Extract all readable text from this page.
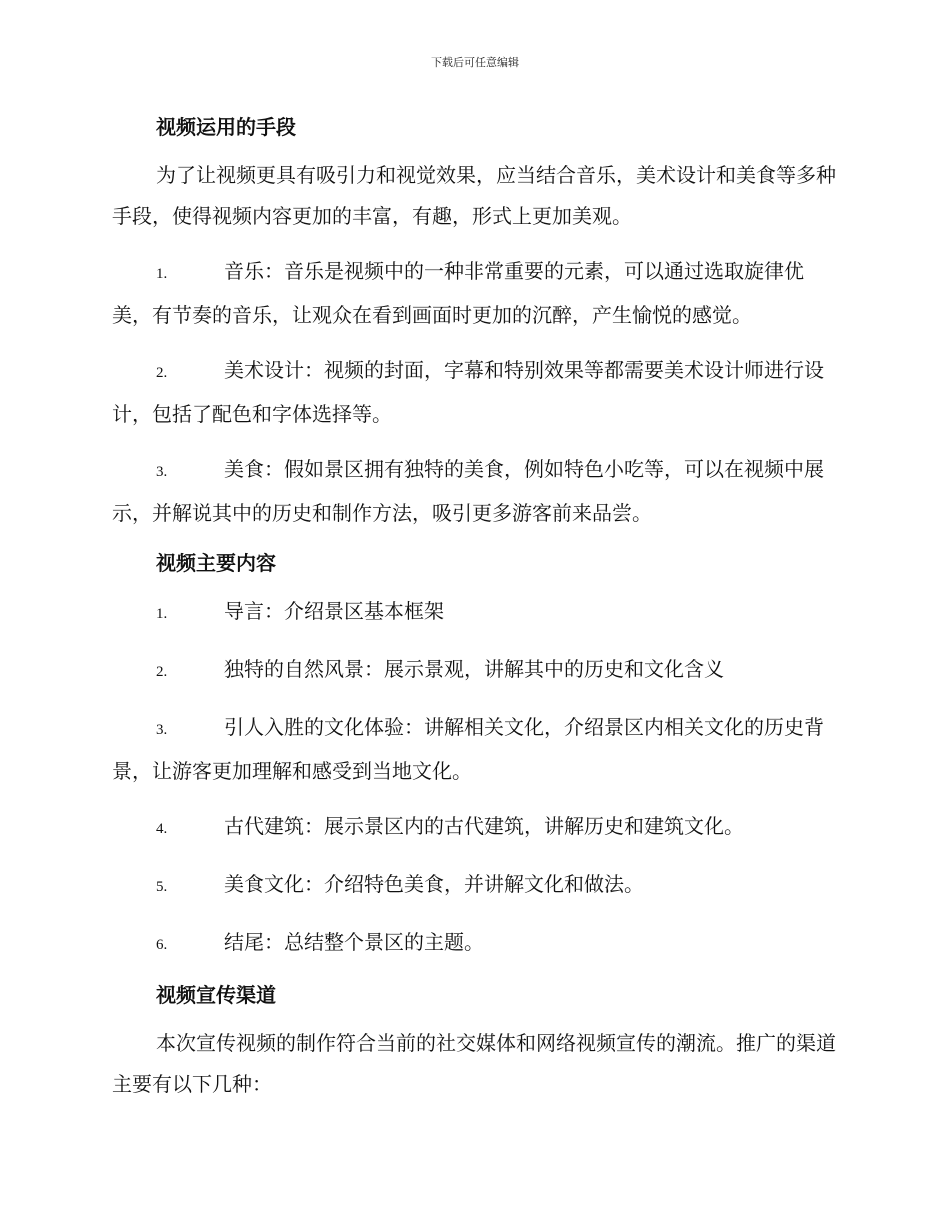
下载后可任意编辑
视频运用的手段

为了让视频更具有吸引力和视觉效果，应当结合音乐，美术设计和美食等多种手段，使得视频内容更加的丰富，有趣，形式上更加美观。

1.	音乐：音乐是视频中的一种非常重要的元素，可以通过选取旋律优美，有节奏的音乐，让观众在看到画面时更加的沉醉，产生愉悦的感觉。

2.	美术设计：视频的封面，字幕和特别效果等都需要美术设计师进行设计，包括了配色和字体选择等。

3.	美食：假如景区拥有独特的美食，例如特色小吃等，可以在视频中展示，并解说其中的历史和制作方法，吸引更多游客前来品尝。

视频主要内容

1.	导言：介绍景区基本框架

2.	独特的自然风景：展示景观，讲解其中的历史和文化含义

3.	引人入胜的文化体验：讲解相关文化，介绍景区内相关文化的历史背景，让游客更加理解和感受到当地文化。

4.	古代建筑：展示景区内的古代建筑，讲解历史和建筑文化。

5.	美食文化：介绍特色美食，并讲解文化和做法。

6.	结尾：总结整个景区的主题。

视频宣传渠道

本次宣传视频的制作符合当前的社交媒体和网络视频宣传的潮流。推广的渠道主要有以下几种：
